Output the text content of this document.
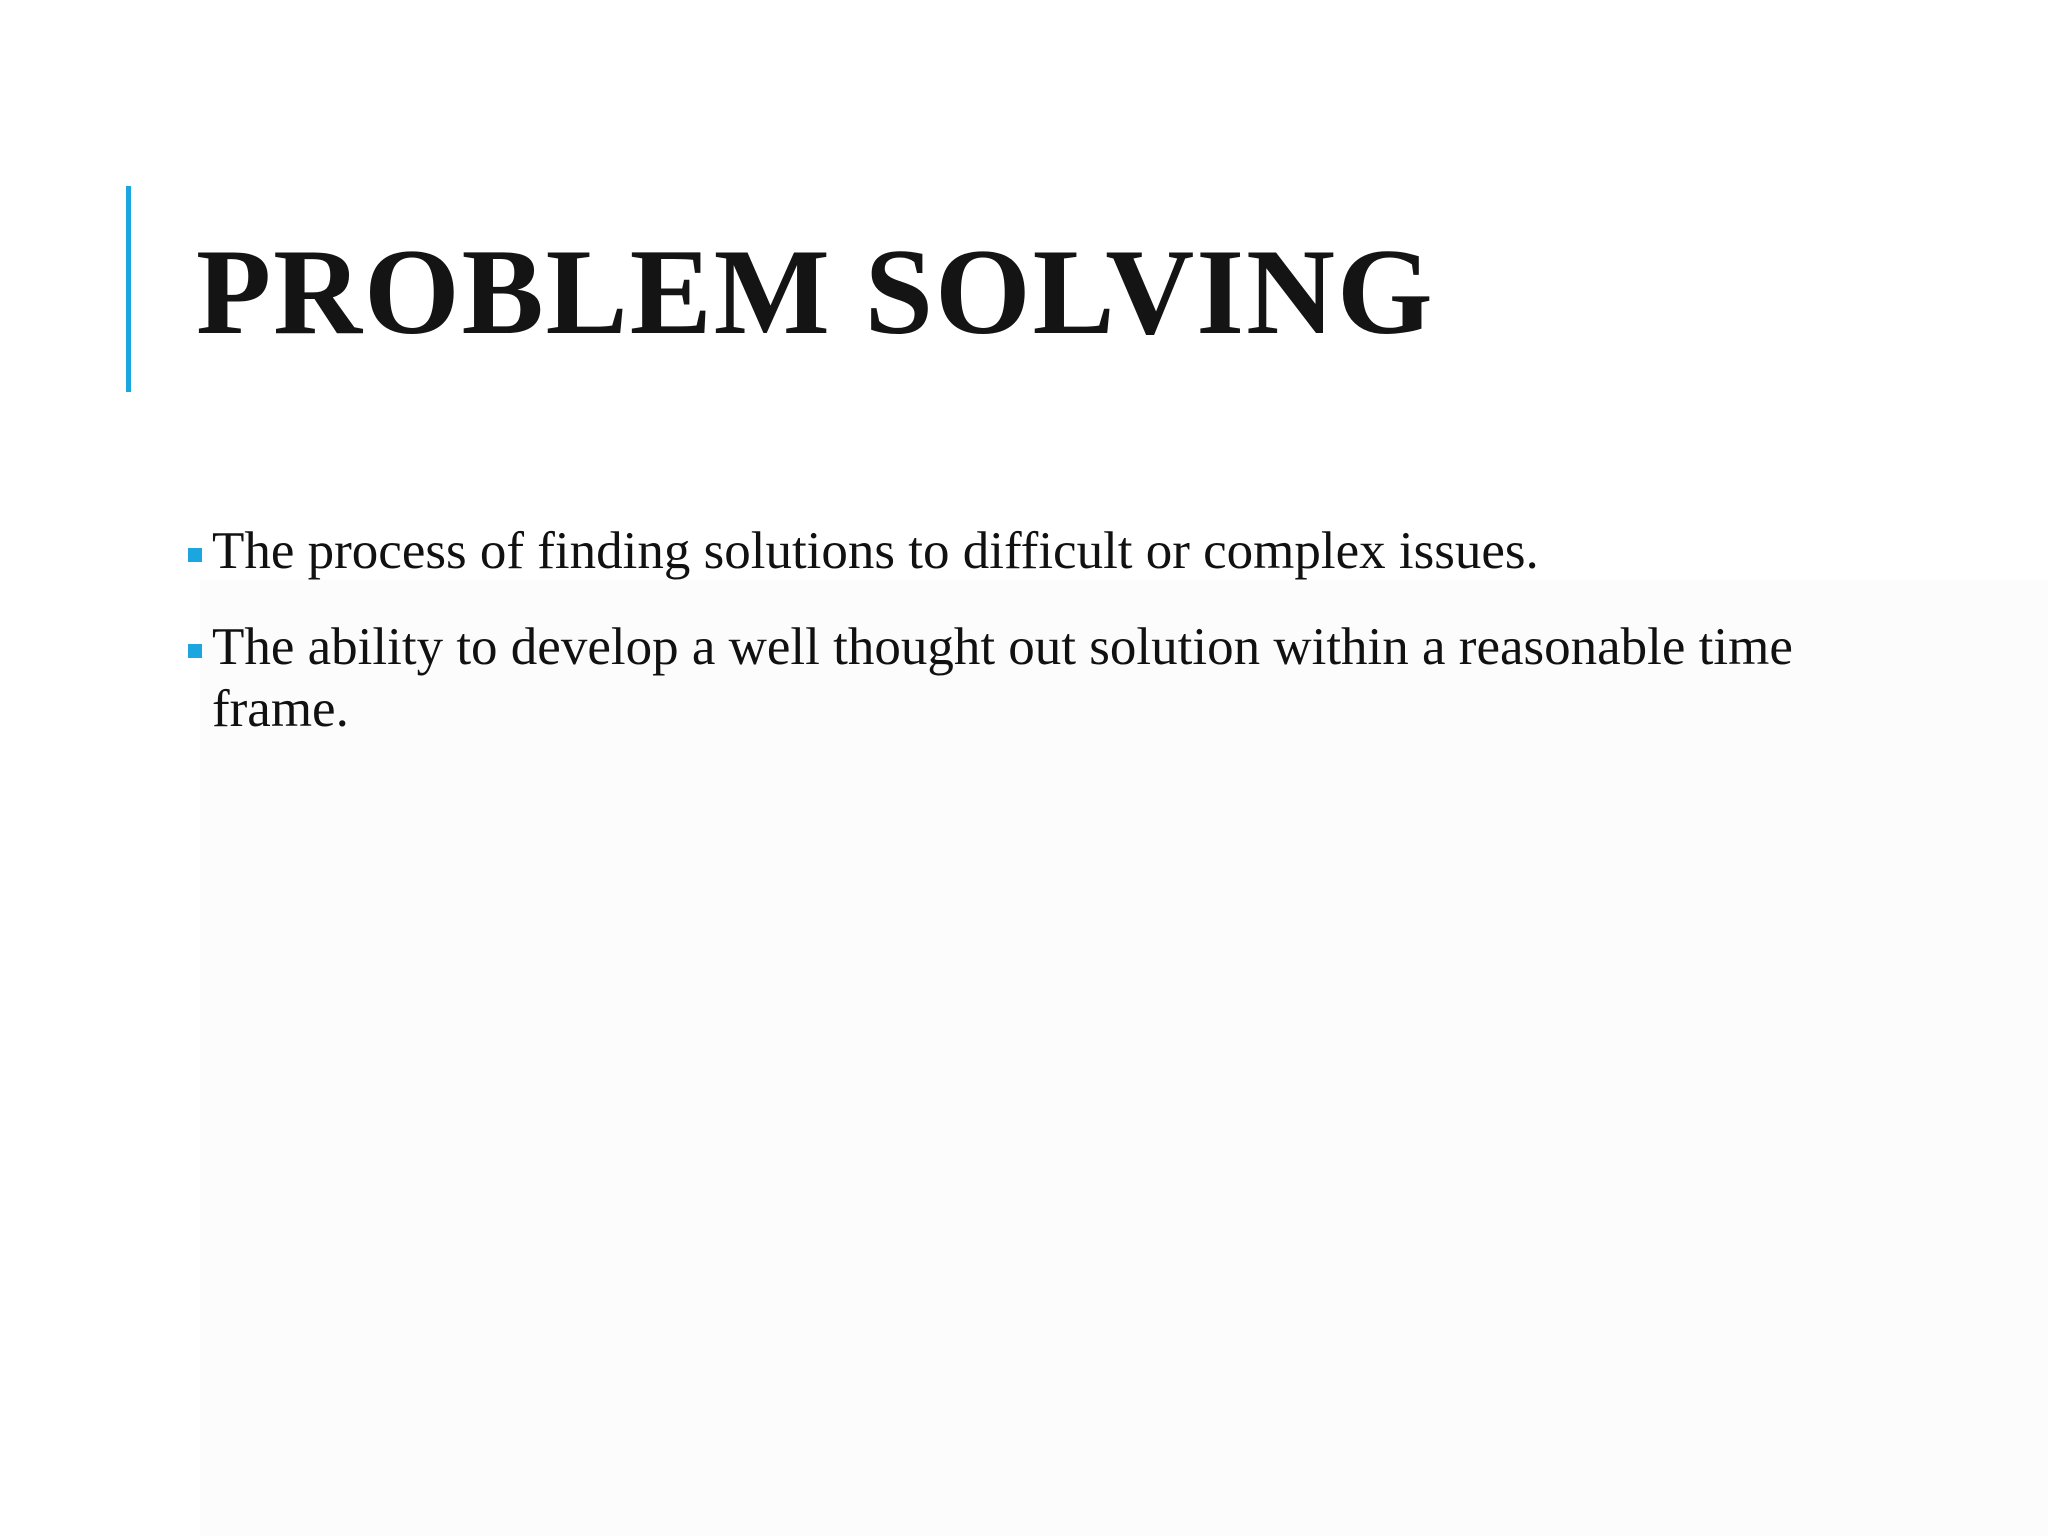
PROBLEM SOLVING
The process of finding solutions to difficult or complex issues.
The ability to develop a well thought out solution within a reasonable time frame.
